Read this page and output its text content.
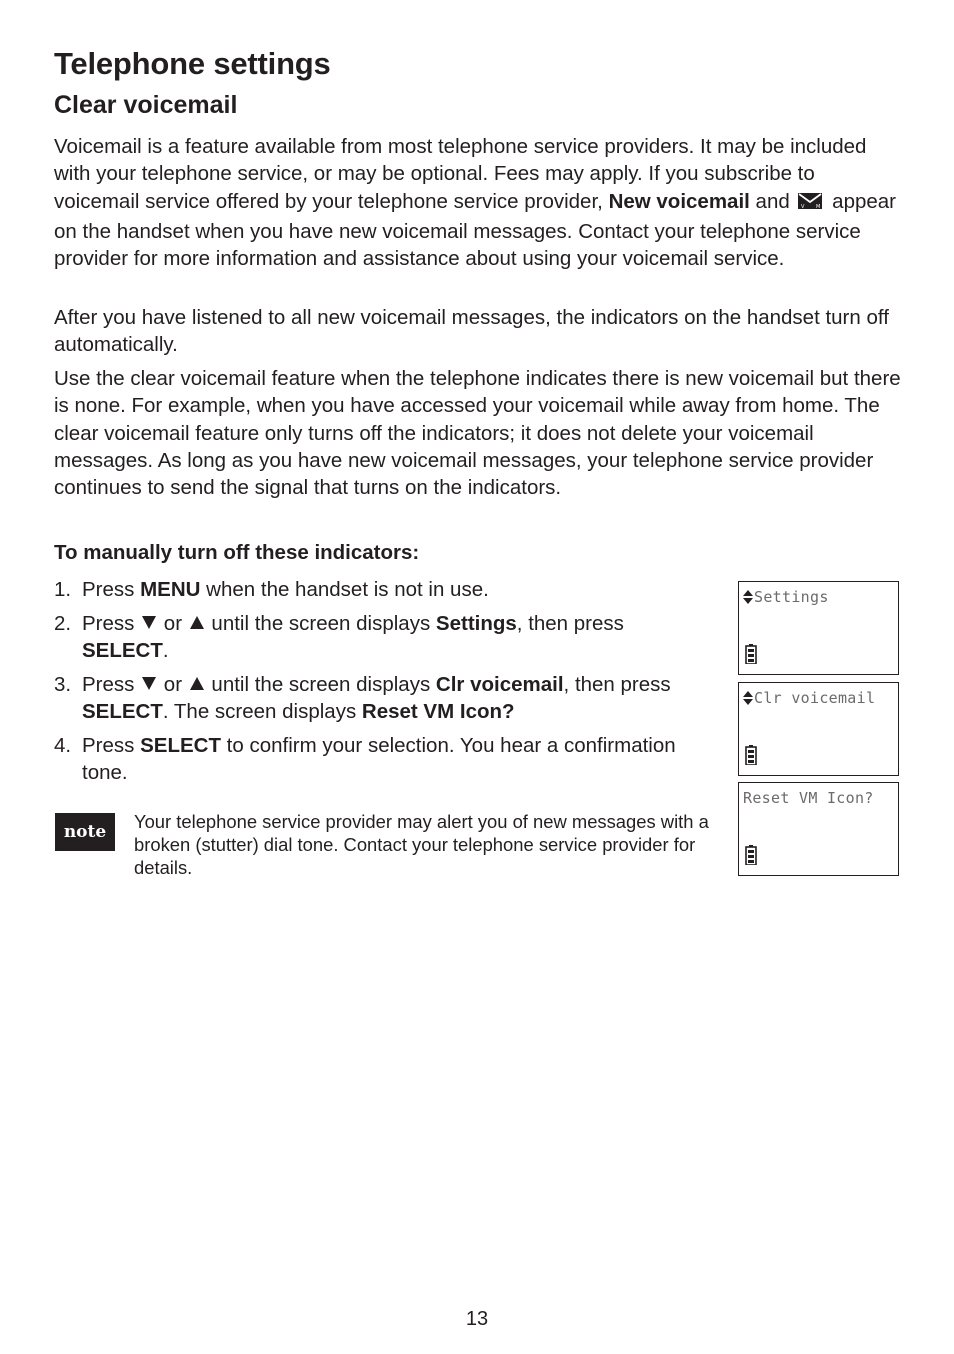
Telephone settings
Clear voicemail

Voicemail is a feature available from most telephone service providers. It may be included with your telephone service, or may be optional. Fees may apply. If you subscribe to voicemail service offered by your telephone service provider, New voicemail and V M appear on the handset when you have new voicemail messages. Contact your telephone service provider for more information and assistance about using your voicemail service.

After you have listened to all new voicemail messages, the indicators on the handset turn off automatically.

Use the clear voicemail feature when the telephone indicates there is new voicemail but there is none. For example, when you have accessed your voicemail while away from home. The clear voicemail feature only turns off the indicators; it does not delete your voicemail messages. As long as you have new voicemail messages, your telephone service provider continues to send the signal that turns on the indicators.

To manually turn off these indicators:
1. Press MENU when the handset is not in use.
2. Press  or  until the screen displays Settings, then press SELECT.
3. Press  or  until the screen displays Clr voicemail, then press SELECT. The screen displays Reset VM Icon?
4. Press SELECT to confirm your selection. You hear a confirmation tone.
note	Your telephone service provider may alert you of new messages with a broken (stutter) dial tone. Contact your telephone service provider for details.
Settings
Clr voicemail
Reset VM Icon?
13
